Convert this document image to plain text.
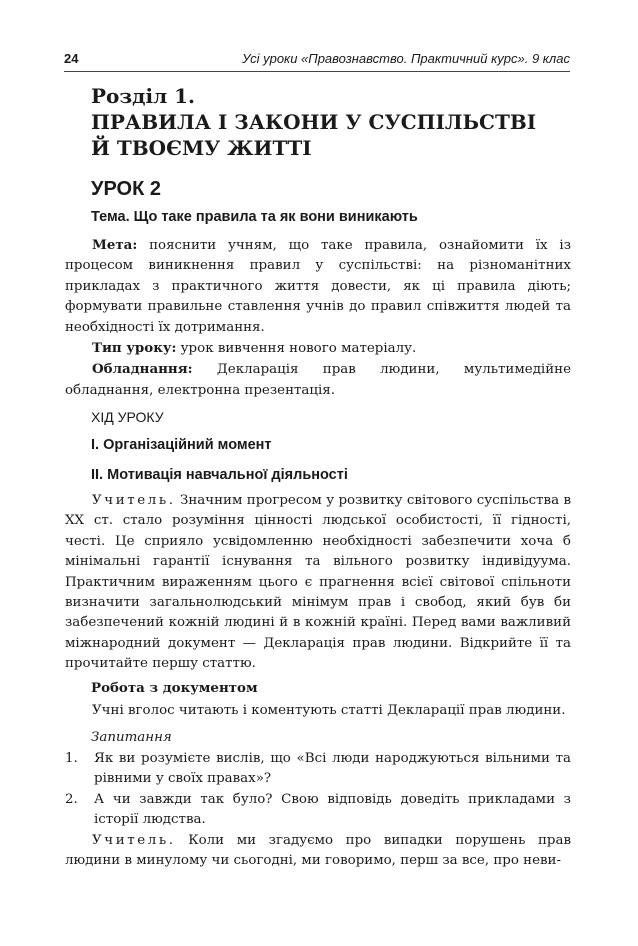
24	Усі уроки «Правознавство. Практичний курс». 9 клас
Розділ 1.
ПРАВИЛА І ЗАКОНИ У СУСПІЛЬСТВІ
Й ТВОЄМУ ЖИТТІ
УРОК 2
Тема. Що таке правила та як вони виникають

Мета: пояснити учням, що таке правила, ознайомити їх із процесом виникнення правил у суспільстві: на різноманітних прикладах з практичного життя довести, як ці правила діють; формувати правильне ставлення учнів до правил співжиття людей та необхідності їх дотримання.

Тип уроку: урок вивчення нового матеріалу.

Обладнання: Декларація прав людини, мультимедійне обладнання, електронна презентація.

ХІД УРОКУ
I. Організаційний момент
II. Мотивація навчальної діяльності

Учитель. Значним прогресом у розвитку світового суспільства в XX ст. стало розуміння цінності людської особистості, її гідності, честі. Це сприяло усвідомленню необхідності забезпечити хоча б мінімальні гарантії існування та вільного розвитку індивідуума. Практичним вираженням цього є прагнення всієї світової спільноти визначити загальнолюдський мінімум прав і свобод, який був би забезпечений кожній людині й в кожній країні. Перед вами важливий міжнародний документ — Декларація прав людини. Відкрийте її та прочитайте першу статтю.

Робота з документом

Учні вголос читають і коментують статті Декларації прав людини.

Запитання
1. Як ви розумієте вислів, що «Всі люди народжуються вільними та рівними у своїх правах»?
2. А чи завжди так було? Свою відповідь доведіть прикладами з історії людства.

Учитель. Коли ми згадуємо про випадки порушень прав людини в минулому чи сьогодні, ми говоримо, перш за все, про неви-
